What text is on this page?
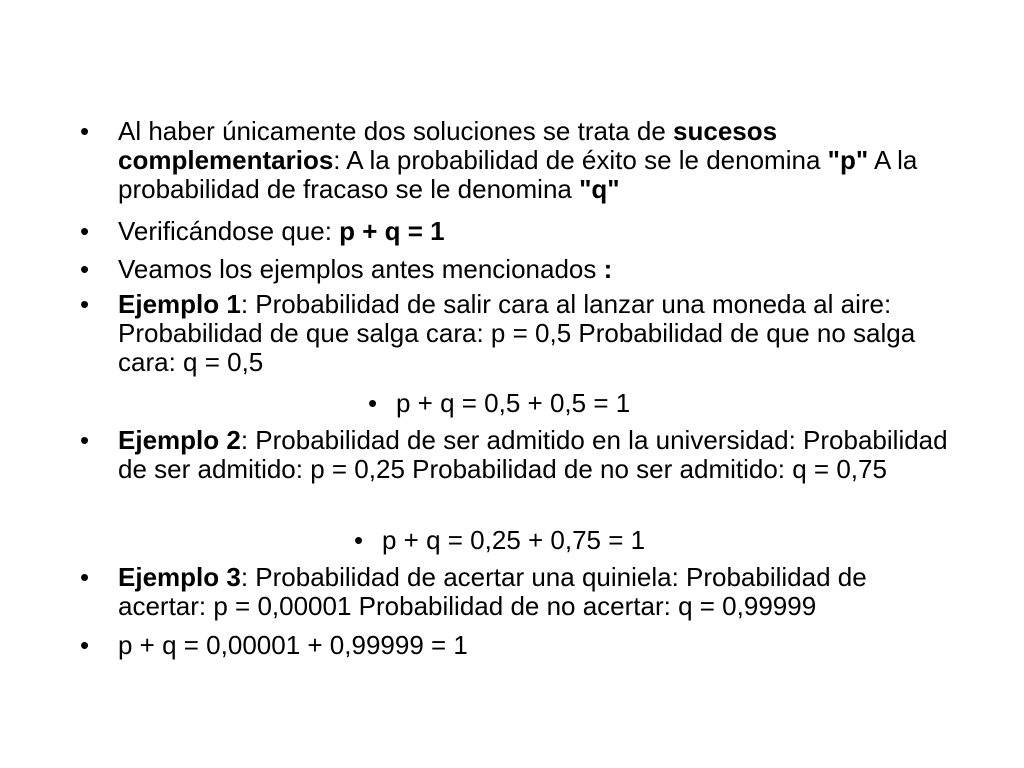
•	Al haber únicamente dos soluciones se trata de sucesos complementarios: A la probabilidad de éxito se le denomina "p" A la probabilidad de fracaso se le denomina "q"
•	Verificándose que: p + q = 1
•	Veamos los ejemplos antes mencionados :
•	Ejemplo 1: Probabilidad de salir cara al lanzar una moneda al aire: Probabilidad de que salga cara: p = 0,5 Probabilidad de que no salga cara: q = 0,5
• p + q = 0,5 + 0,5 = 1
•	Ejemplo 2: Probabilidad de ser admitido en la universidad: Probabilidad de ser admitido: p = 0,25 Probabilidad de no ser admitido: q = 0,75
• p + q = 0,25 + 0,75 = 1
•	Ejemplo 3: Probabilidad de acertar una quiniela: Probabilidad de acertar: p = 0,00001 Probabilidad de no acertar: q = 0,99999
•	p + q = 0,00001 + 0,99999 = 1
